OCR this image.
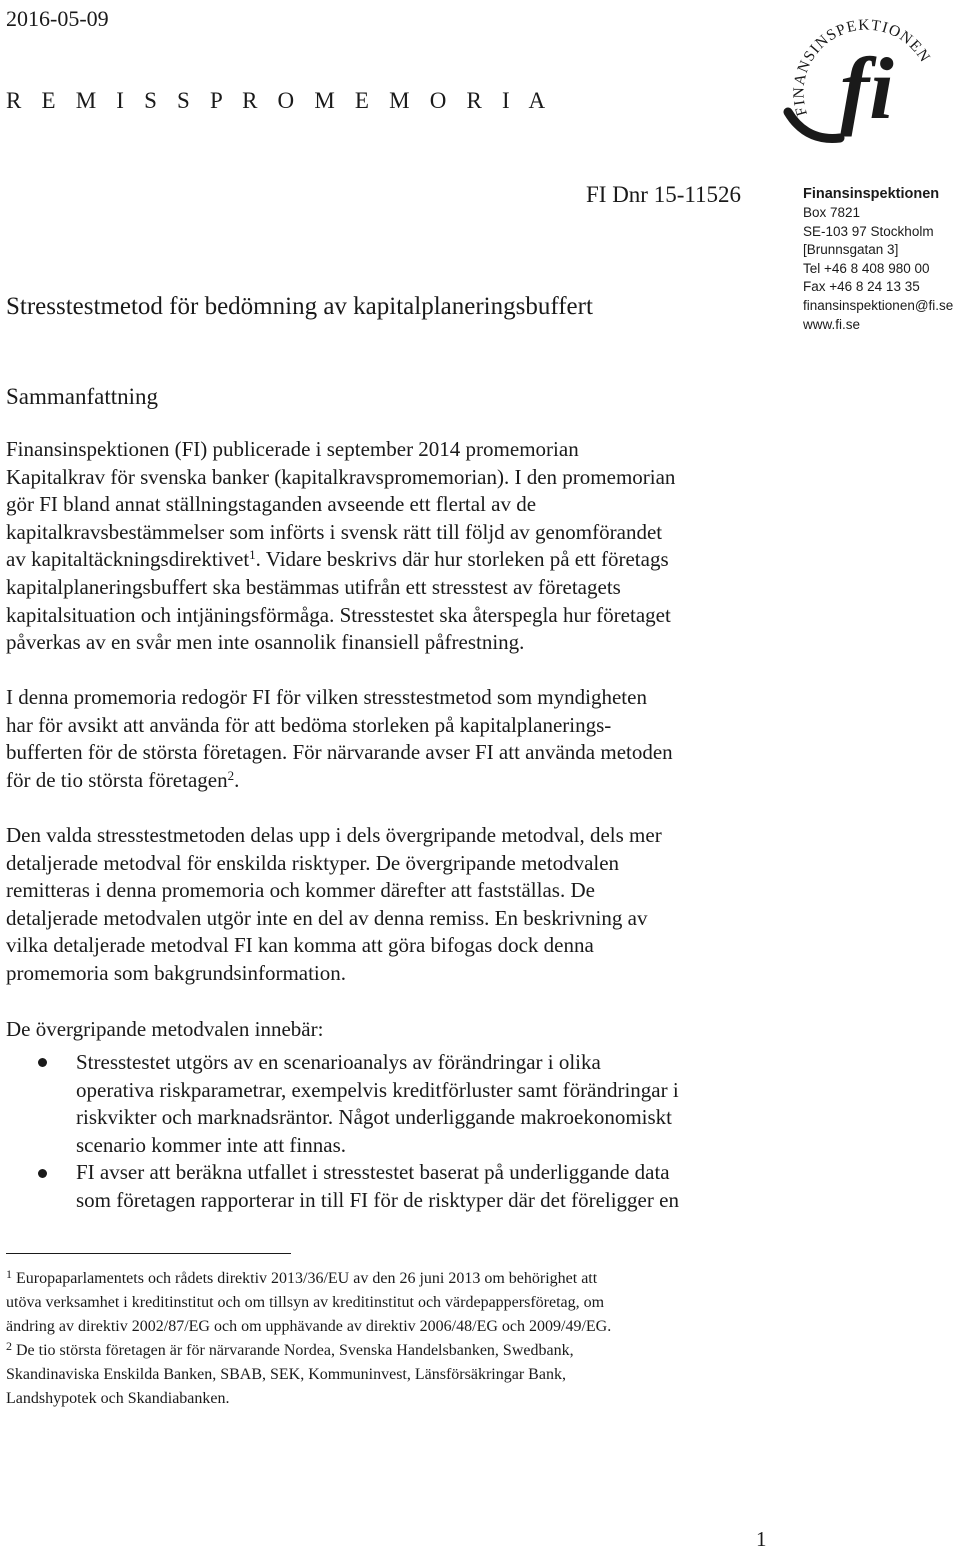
2016-05-09
R E M I S S P R O M E M O R I A	FINANSINSPEKTIONEN
fi
FI Dnr 15-11526
Stresstestmetod för bedömning av kapitalplaneringsbuffert
Finansinspektionen
Box 7821
SE-103 97 Stockholm
[Brunnsgatan 3]
Tel +46 8 408 980 00
Fax +46 8 24 13 35
finansinspektionen@fi.se
www.fi.se
Sammanfattning
Finansinspektionen (FI) publicerade i september 2014 promemorian
Kapitalkrav för svenska banker (kapitalkravspromemorian). I den promemorian
gör FI bland annat ställningstaganden avseende ett flertal av de
kapitalkravsbestämmelser som införts i svensk rätt till följd av genomförandet
av kapitaltäckningsdirektivet$^1$. Vidare beskrivs där hur storleken på ett företags
kapitalplaneringsbuffert ska bestämmas utifrån ett stresstest av företagets
kapitalsituation och intjäningsförmåga. Stresstestet ska återspegla hur företaget
påverkas av en svår men inte osannolik finansiell påfrestning.
I denna promemoria redogör FI för vilken stresstestmetod som myndigheten
har för avsikt att använda för att bedöma storleken på kapitalplanerings-
bufferten för de största företagen. För närvarande avser FI att använda metoden
för de tio största företagen$^2$.
Den valda stresstestmetoden delas upp i dels övergripande metodval, dels mer
detaljerade metodval för enskilda risktyper. De övergripande metodvalen
remitteras i denna promemoria och kommer därefter att fastställas. De
detaljerade metodvalen utgör inte en del av denna remiss. En beskrivning av
vilka detaljerade metodval FI kan komma att göra bifogas dock denna
promemoria som bakgrundsinformation.
De övergripande metodvalen innebär:
Stresstestet utgörs av en scenarioanalys av förändringar i olika
operativa riskparametrar, exempelvis kreditförluster samt förändringar i
riskvikter och marknadsräntor. Något underliggande makroekonomiskt
scenario kommer inte att finnas.
FI avser att beräkna utfallet i stresstestet baserat på underliggande data
som företagen rapporterar in till FI för de risktyper där det föreligger en
$^1$ Europaparlamentets och rådets direktiv 2013/36/EU av den 26 juni 2013 om behörighet att
utöva verksamhet i kreditinstitut och om tillsyn av kreditinstitut och värdepappersföretag, om
ändring av direktiv 2002/87/EG och om upphävande av direktiv 2006/48/EG och 2009/49/EG.
$^2$ De tio största företagen är för närvarande Nordea, Svenska Handelsbanken, Swedbank,
Skandinaviska Enskilda Banken, SBAB, SEK, Kommuninvest, Länsförsäkringar Bank,
Landshypotek och Skandiabanken.
1
